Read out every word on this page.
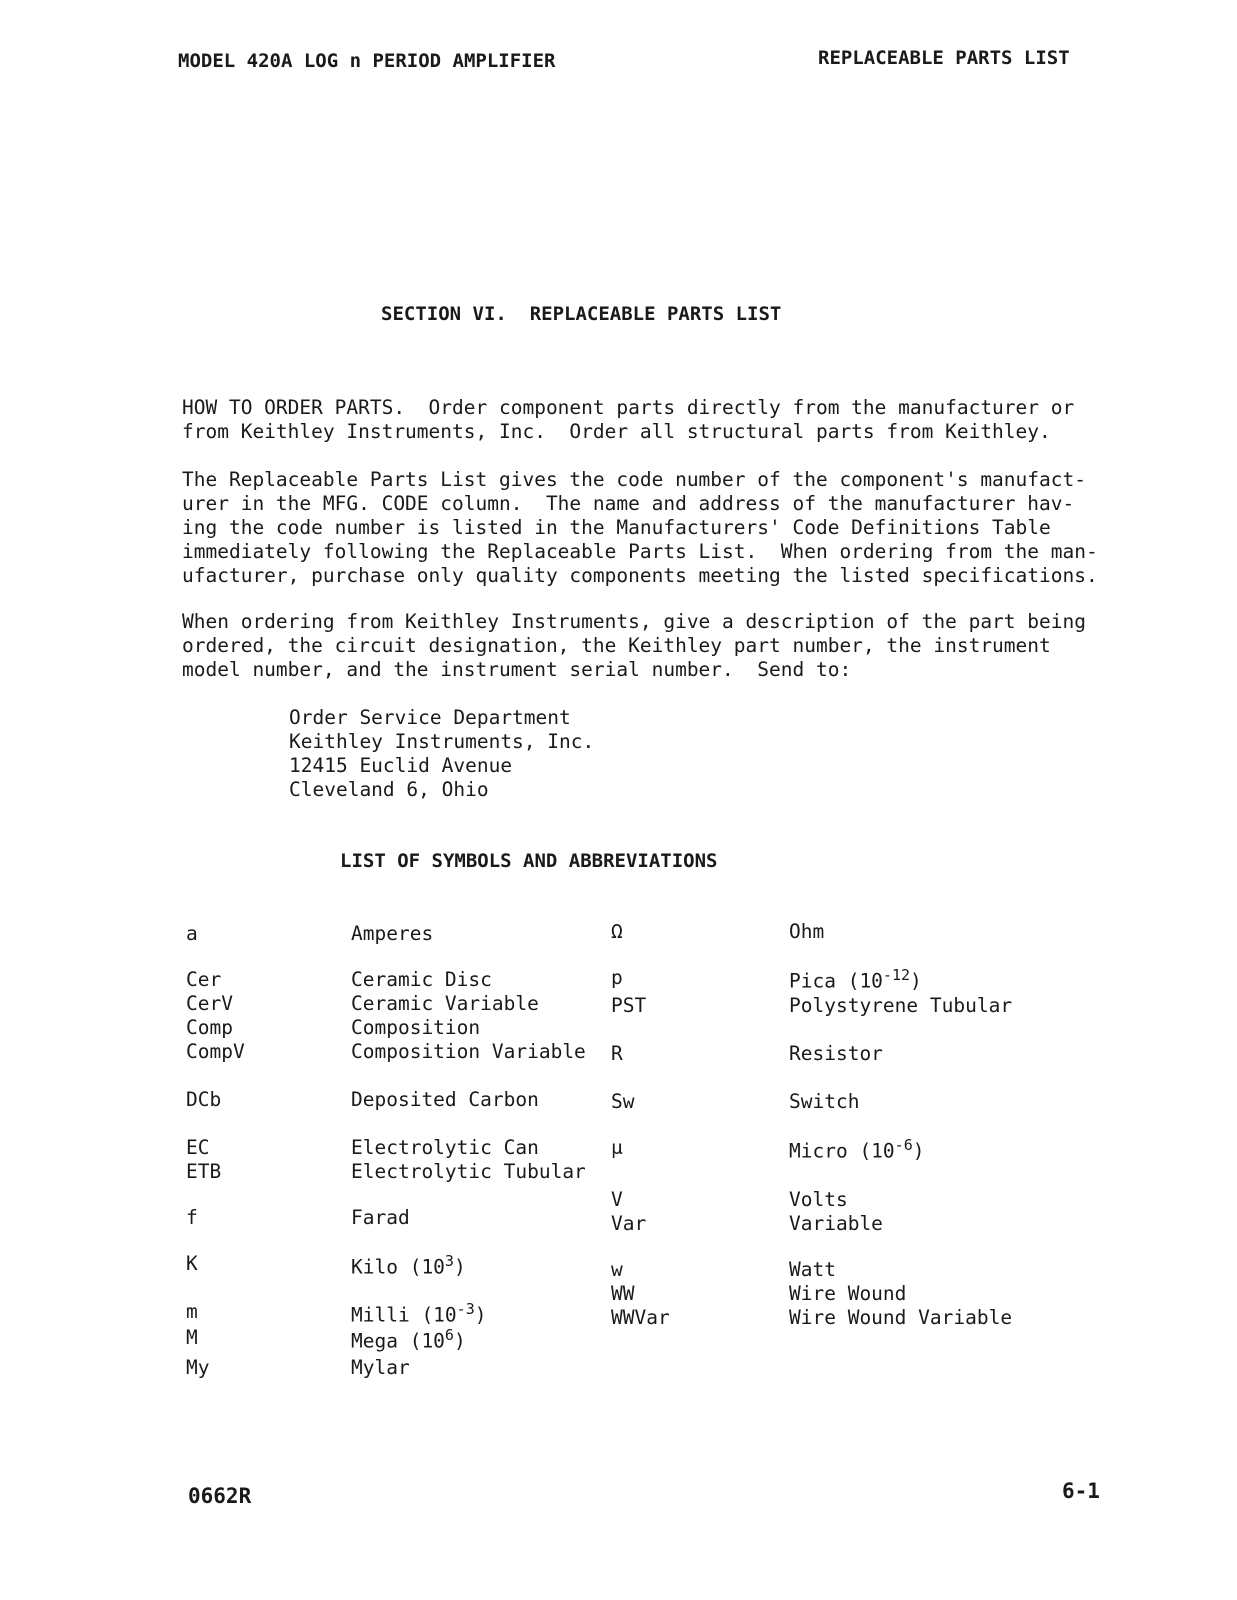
MODEL 420A LOG n PERIOD AMPLIFIER	REPLACEABLE PARTS LIST
SECTION VI.  REPLACEABLE PARTS LIST
HOW TO ORDER PARTS.  Order component parts directly from the manufacturer or
from Keithley Instruments, Inc.  Order all structural parts from Keithley.
The Replaceable Parts List gives the code number of the component's manufact-
urer in the MFG. CODE column.  The name and address of the manufacturer hav-
ing the code number is listed in the Manufacturers' Code Definitions Table
immediately following the Replaceable Parts List.  When ordering from the man-
ufacturer, purchase only quality components meeting the listed specifications.
When ordering from Keithley Instruments, give a description of the part being
ordered, the circuit designation, the Keithley part number, the instrument
model number, and the instrument serial number.  Send to:
Order Service Department
Keithley Instruments, Inc.
12415 Euclid Avenue
Cleveland 6, Ohio
LIST OF SYMBOLS AND ABBREVIATIONS
a	Amperes
Cer	Ceramic Disc
CerV	Ceramic Variable
Comp	Composition
CompV	Composition Variable
DCb	Deposited Carbon
EC	Electrolytic Can
ETB	Electrolytic Tubular
f	Farad
K	Kilo $(10^3)$
m	Milli $(10^{-3})$
M	Mega $(10^6)$
My	Mylar
Ω	Ohm
p	Pica $(10^{-12})$
PST	Polystyrene Tubular
R	Resistor
Sw	Switch
μ	Micro $(10^{-6})$
V	Volts
Var	Variable
w	Watt
WW	Wire Wound
WWVar	Wire Wound Variable
0662R	6-1
